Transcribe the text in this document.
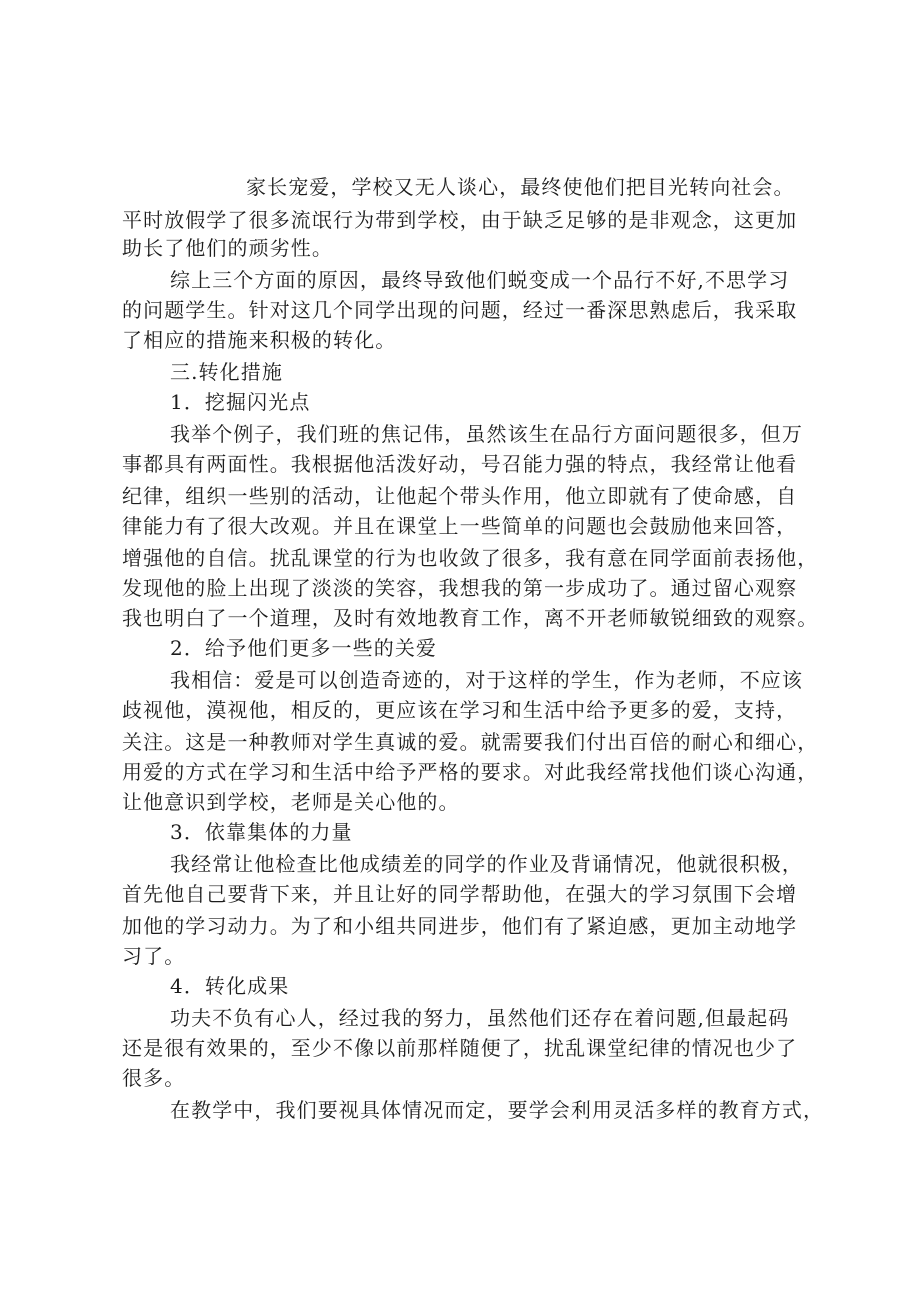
家长宠爱，学校又无人谈心，最终使他们把目光转向社会。
平时放假学了很多流氓行为带到学校，由于缺乏足够的是非观念，这更加
助长了他们的顽劣性。
综上三个方面的原因，最终导致他们蜕变成一个品行不好,不思学习
的问题学生。针对这几个同学出现的问题，经过一番深思熟虑后，我采取
了相应的措施来积极的转化。
三.转化措施
1．挖掘闪光点
我举个例子，我们班的焦记伟，虽然该生在品行方面问题很多，但万
事都具有两面性。我根据他活泼好动，号召能力强的特点，我经常让他看
纪律，组织一些别的活动，让他起个带头作用，他立即就有了使命感，自
律能力有了很大改观。并且在课堂上一些简单的问题也会鼓励他来回答，
增强他的自信。扰乱课堂的行为也收敛了很多，我有意在同学面前表扬他，
发现他的脸上出现了淡淡的笑容，我想我的第一步成功了。通过留心观察
我也明白了一个道理，及时有效地教育工作，离不开老师敏锐细致的观察。
2．给予他们更多一些的关爱
我相信：爱是可以创造奇迹的，对于这样的学生，作为老师，不应该
歧视他，漠视他，相反的，更应该在学习和生活中给予更多的爱，支持，
关注。这是一种教师对学生真诚的爱。就需要我们付出百倍的耐心和细心，
用爱的方式在学习和生活中给予严格的要求。对此我经常找他们谈心沟通，
让他意识到学校，老师是关心他的。
3．依靠集体的力量
我经常让他检查比他成绩差的同学的作业及背诵情况，他就很积极，
首先他自己要背下来，并且让好的同学帮助他，在强大的学习氛围下会增
加他的学习动力。为了和小组共同进步，他们有了紧迫感，更加主动地学
习了。
4．转化成果
功夫不负有心人，经过我的努力，虽然他们还存在着问题,但最起码
还是很有效果的，至少不像以前那样随便了，扰乱课堂纪律的情况也少了
很多。
在教学中，我们要视具体情况而定，要学会利用灵活多样的教育方式，
